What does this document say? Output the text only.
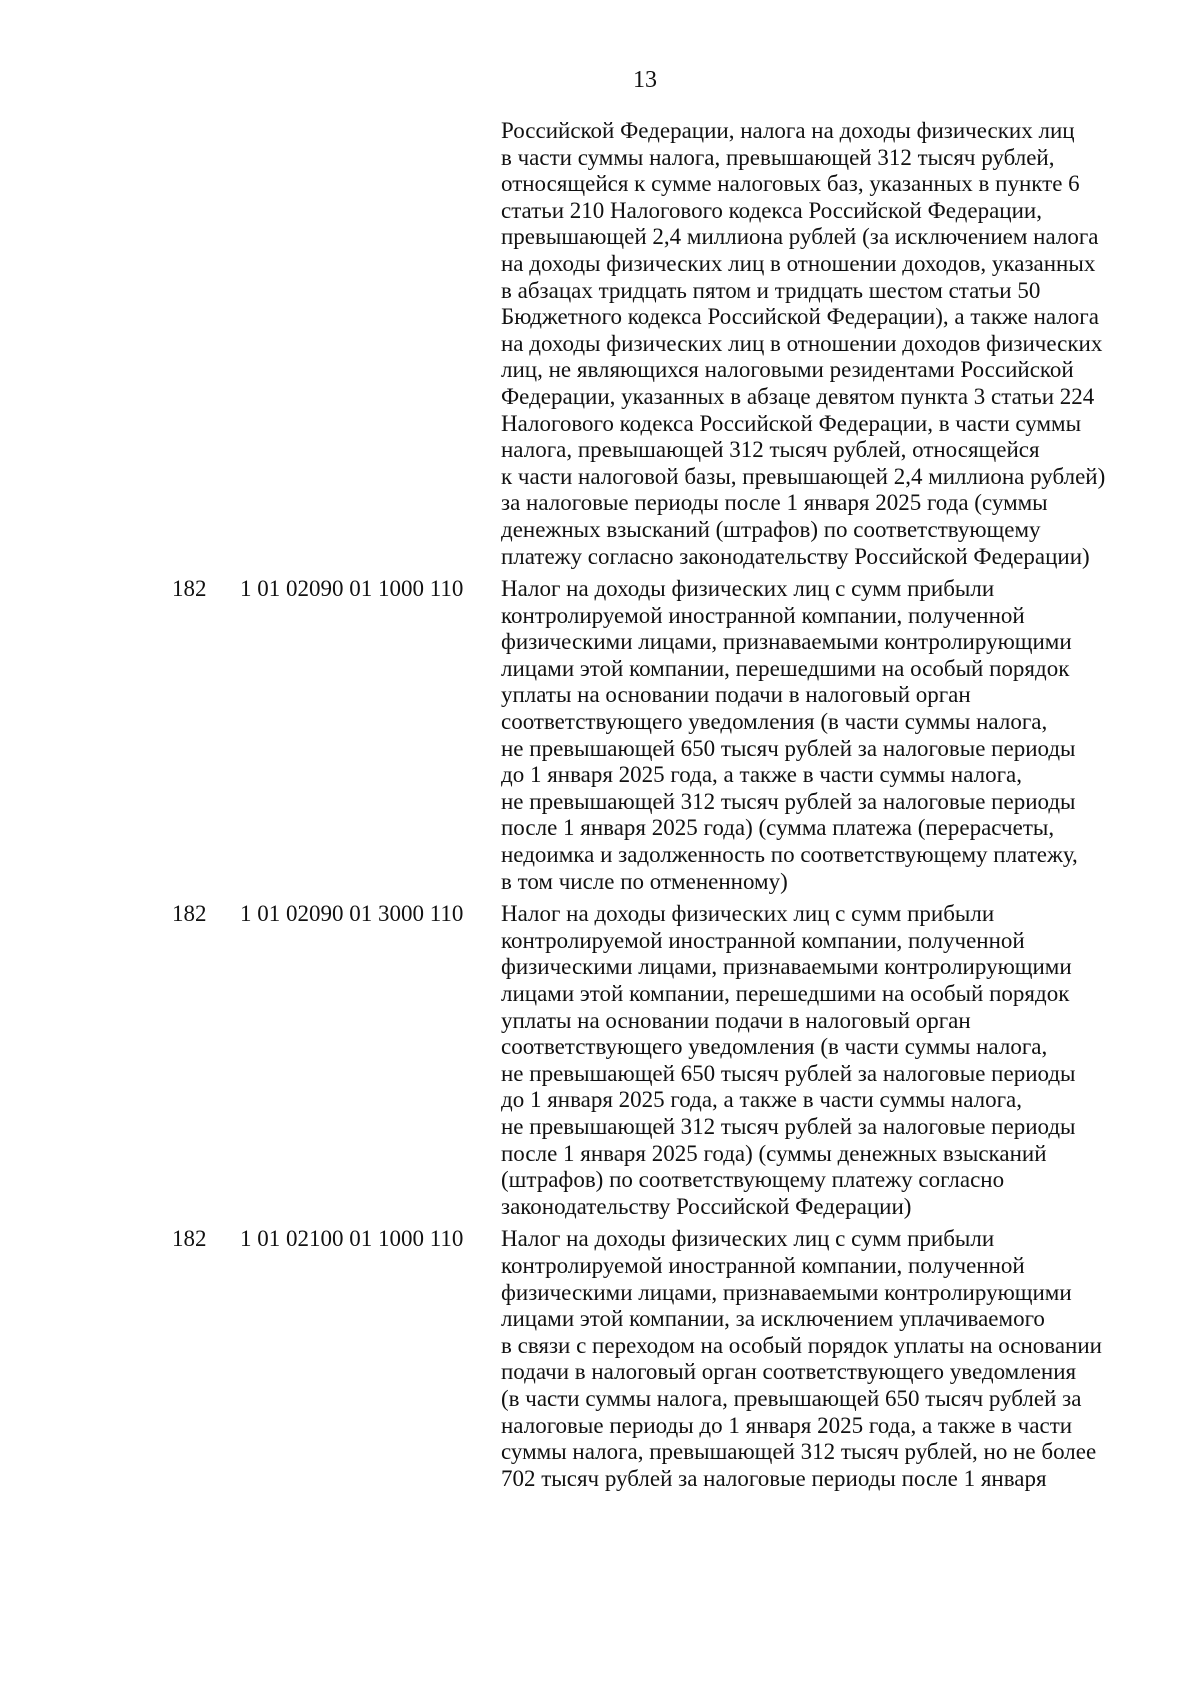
13
Российской Федерации, налога на доходы физических лиц
в части суммы налога, превышающей 312 тысяч рублей,
относящейся к сумме налоговых баз, указанных в пункте 6
статьи 210 Налогового кодекса Российской Федерации,
превышающей 2,4 миллиона рублей (за исключением налога
на доходы физических лиц в отношении доходов, указанных
в абзацах тридцать пятом и тридцать шестом статьи 50
Бюджетного кодекса Российской Федерации), а также налога
на доходы физических лиц в отношении доходов физических
лиц, не являющихся налоговыми резидентами Российской
Федерации, указанных в абзаце девятом пункта 3 статьи 224
Налогового кодекса Российской Федерации, в части суммы
налога, превышающей 312 тысяч рублей, относящейся
к части налоговой базы, превышающей 2,4 миллиона рублей)
за налоговые периоды после 1 января 2025 года (суммы
денежных взысканий (штрафов) по соответствующему
платежу согласно законодательству Российской Федерации)
182 1 01 02090 01 1000 110 Налог на доходы физических лиц с сумм прибыли
контролируемой иностранной компании, полученной
физическими лицами, признаваемыми контролирующими
лицами этой компании, перешедшими на особый порядок
уплаты на основании подачи в налоговый орган
соответствующего уведомления (в части суммы налога,
не превышающей 650 тысяч рублей за налоговые периоды
до 1 января 2025 года, а также в части суммы налога,
не превышающей 312 тысяч рублей за налоговые периоды
после 1 января 2025 года) (сумма платежа (перерасчеты,
недоимка и задолженность по соответствующему платежу,
в том числе по отмененному)
182 1 01 02090 01 3000 110 Налог на доходы физических лиц с сумм прибыли
контролируемой иностранной компании, полученной
физическими лицами, признаваемыми контролирующими
лицами этой компании, перешедшими на особый порядок
уплаты на основании подачи в налоговый орган
соответствующего уведомления (в части суммы налога,
не превышающей 650 тысяч рублей за налоговые периоды
до 1 января 2025 года, а также в части суммы налога,
не превышающей 312 тысяч рублей за налоговые периоды
после 1 января 2025 года) (суммы денежных взысканий
(штрафов) по соответствующему платежу согласно
законодательству Российской Федерации)
182 1 01 02100 01 1000 110 Налог на доходы физических лиц с сумм прибыли
контролируемой иностранной компании, полученной
физическими лицами, признаваемыми контролирующими
лицами этой компании, за исключением уплачиваемого
в связи с переходом на особый порядок уплаты на основании
подачи в налоговый орган соответствующего уведомления
(в части суммы налога, превышающей 650 тысяч рублей за
налоговые периоды до 1 января 2025 года, а также в части
суммы налога, превышающей 312 тысяч рублей, но не более
702 тысяч рублей за налоговые периоды после 1 января
